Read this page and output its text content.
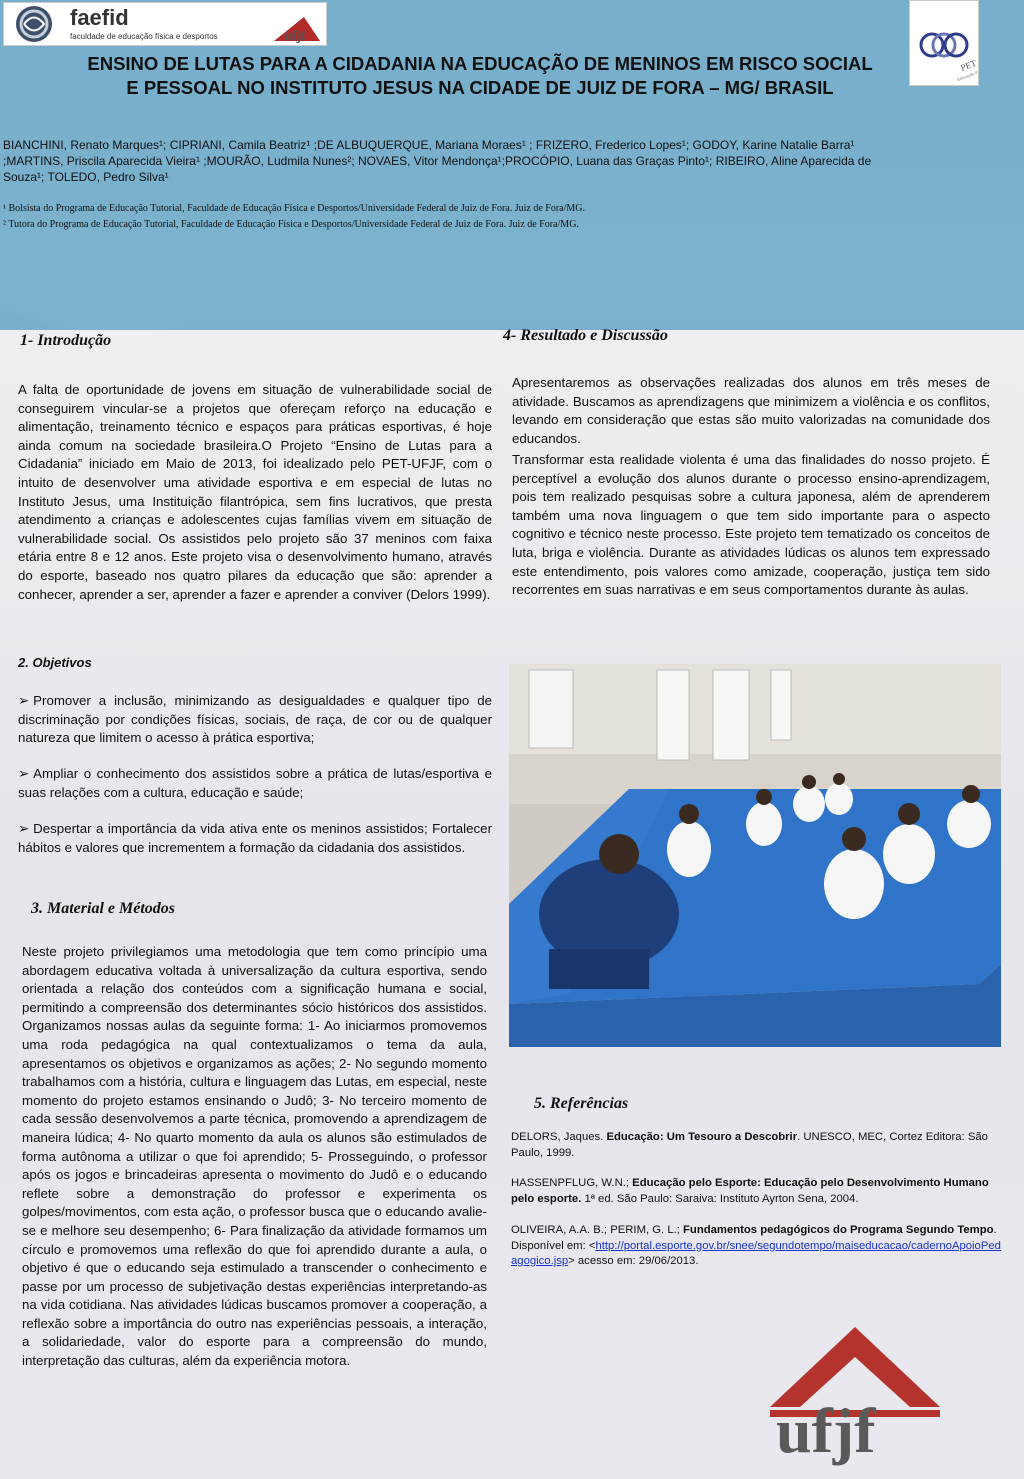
faefid
faculdade de educação física e desportos	ufjf
PET
Educação Física
ENSINO DE LUTAS PARA A CIDADANIA NA EDUCAÇÃO DE MENINOS EM RISCO SOCIAL E PESSOAL NO INSTITUTO JESUS NA CIDADE DE JUIZ DE FORA – MG/ BRASIL

BIANCHINI, Renato Marques¹; CIPRIANI, Camila Beatriz¹ ;DE ALBUQUERQUE, Mariana Moraes¹ ; FRIZERO, Frederico Lopes¹; GODOY, Karine Natalie Barra¹ ;MARTINS, Priscila Aparecida Vieira¹ ;MOURÃO, Ludmila Nunes²; NOVAES, Vitor Mendonça¹;PROCÓPIO, Luana das Graças Pinto¹; RIBEIRO, Aline Aparecida de Souza¹; TOLEDO, Pedro Silva¹

¹ Bolsista do Programa de Educação Tutorial, Faculdade de Educação Física e Desportos/Universidade Federal de Juiz de Fora. Juiz de Fora/MG.

² Tutora do Programa de Educação Tutorial, Faculdade de Educação Física e Desportos/Universidade Federal de Juiz de Fora. Juiz de Fora/MG.

1- Introdução

A falta de oportunidade de jovens em situação de vulnerabilidade social de conseguirem vincular-se a projetos que ofereçam reforço na educação e alimentação, treinamento técnico e espaços para práticas esportivas, é hoje ainda comum na sociedade brasileira.O Projeto “Ensino de Lutas para a Cidadania” iniciado em Maio de 2013, foi idealizado pelo PET-UFJF, com o intuito de desenvolver uma atividade esportiva e em especial de lutas no Instituto Jesus, uma Instituição filantrópica, sem fins lucrativos, que presta atendimento a crianças e adolescentes cujas famílias vivem em situação de vulnerabilidade social. Os assistidos pelo projeto são 37 meninos com faixa etária entre 8 e 12 anos. Este projeto visa o desenvolvimento humano, através do esporte, baseado nos quatro pilares da educação que são: aprender a conhecer, aprender a ser, aprender a fazer e aprender a conviver (Delors 1999).

2. Objetivos

➢ Promover a inclusão, minimizando as desigualdades e qualquer tipo de discriminação por condições físicas, sociais, de raça, de cor ou de qualquer natureza que limitem o acesso à prática esportiva;

➢ Ampliar o conhecimento dos assistidos sobre a prática de lutas/esportiva e suas relações com a cultura, educação e saúde;

➢ Despertar a importância da vida ativa ente os meninos assistidos; Fortalecer hábitos e valores que incrementem a formação da cidadania dos assistidos.

3. Material e Métodos

Neste projeto privilegiamos uma metodologia que tem como princípio uma abordagem educativa voltada à universalização da cultura esportiva, sendo orientada a relação dos conteúdos com a significação humana e social, permitindo a compreensão dos determinantes sócio históricos dos assistidos. Organizamos nossas aulas da seguinte forma: 1- Ao iniciarmos promovemos uma roda pedagógica na qual contextualizamos o tema da aula, apresentamos os objetivos e organizamos as ações; 2- No segundo momento trabalhamos com a história, cultura e linguagem das Lutas, em especial, neste momento do projeto estamos ensinando o Judô; 3- No terceiro momento de cada sessão desenvolvemos a parte técnica, promovendo a aprendizagem de maneira lúdica; 4- No quarto momento da aula os alunos são estimulados de forma autônoma a utilizar o que foi aprendido; 5- Prosseguindo, o professor após os jogos e brincadeiras apresenta o movimento do Judô e o educando reflete sobre a demonstração do professor e experimenta os golpes/movimentos, com esta ação, o professor busca que o educando avalie-se e melhore seu desempenho; 6- Para finalização da atividade formamos um círculo e promovemos uma reflexão do que foi aprendido durante a aula, o objetivo é que o educando seja estimulado a transcender o conhecimento e passe por um processo de subjetivação destas experiências interpretando-as na vida cotidiana. Nas atividades lúdicas buscamos promover a cooperação, a reflexão sobre a importância do outro nas experiências pessoais, a interação, a solidariedade, valor do esporte para a compreensão do mundo, interpretação das culturas, além da experiência motora.

4- Resultado e Discussão

Apresentaremos as observações realizadas dos alunos em três meses de atividade. Buscamos as aprendizagens que minimizem a violência e os conflitos, levando em consideração que estas são muito valorizadas na comunidade dos educandos.

Transformar esta realidade violenta é uma das finalidades do nosso projeto. É perceptível a evolução dos alunos durante o processo ensino-aprendizagem, pois tem realizado pesquisas sobre a cultura japonesa, além de aprenderem também uma nova linguagem o que tem sido importante para o aspecto cognitivo e técnico neste processo. Este projeto tem tematizado os conceitos de luta, briga e violência. Durante as atividades lúdicas os alunos tem expressado este entendimento, pois valores como amizade, cooperação, justiça tem sido recorrentes em suas narrativas e em seus comportamentos durante às aulas.

5. Referências

DELORS, Jaques. Educação: Um Tesouro a Descobrir. UNESCO, MEC, Cortez Editora: São Paulo, 1999.

HASSENPFLUG, W.N.; Educação pelo Esporte: Educação pelo Desenvolvimento Humano pelo esporte. 1ª ed. São Paulo: Saraiva: Instituto Ayrton Sena, 2004.

OLIVEIRA, A.A. B.; PERIM, G. L.; Fundamentos pedagógicos do Programa Segundo Tempo. Disponível em: <http://portal.esporte.gov.br/snee/segundotempo/maiseducacao/cadernoApoioPedagogico.jsp> acesso em: 29/06/2013.

ufjf
